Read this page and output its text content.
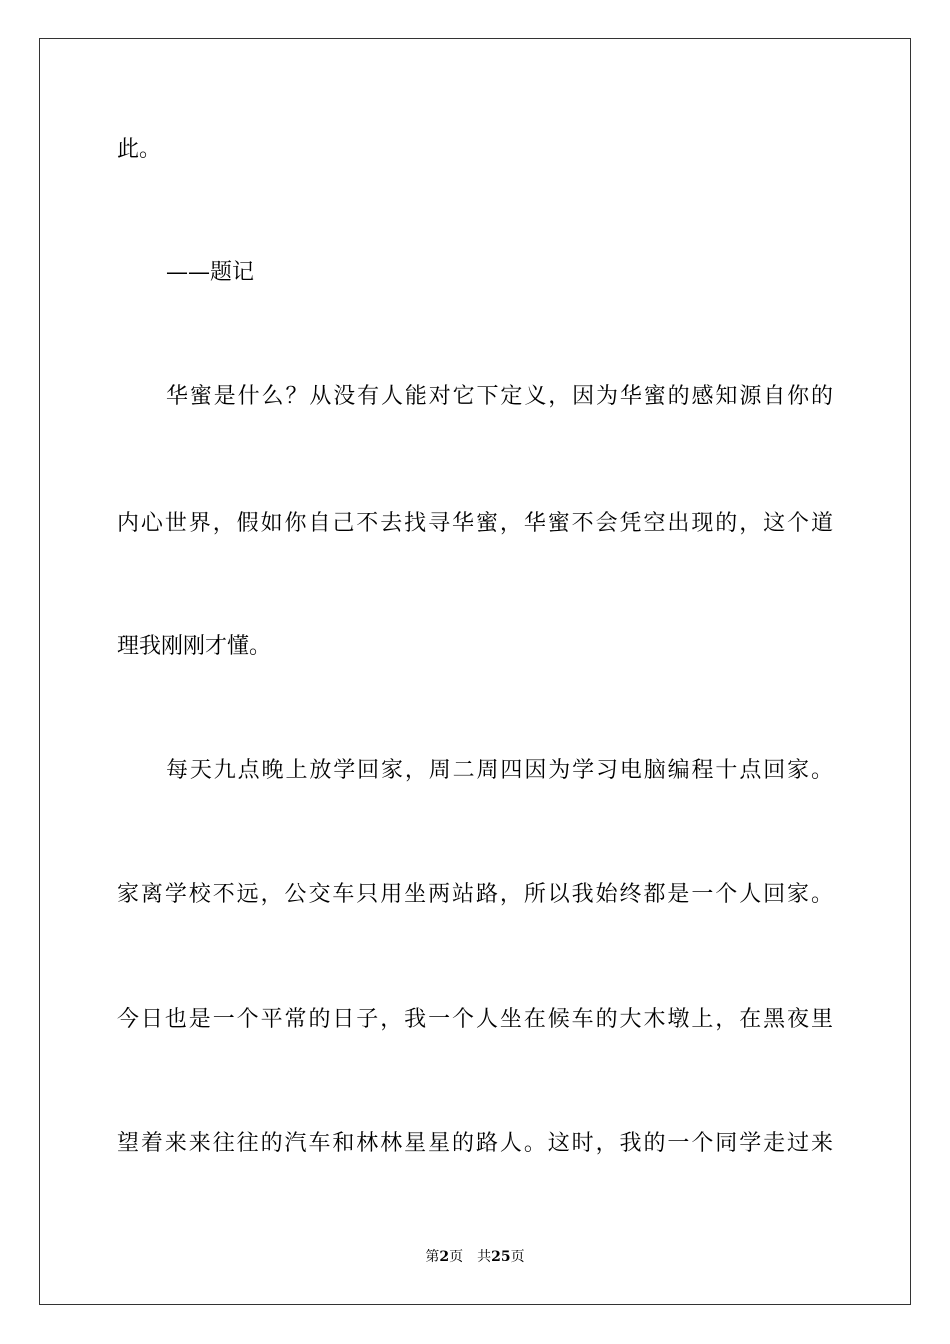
此。
——题记
华蜜是什么？从没有人能对它下定义，因为华蜜的感知源自你的
内心世界，假如你自己不去找寻华蜜，华蜜不会凭空出现的，这个道
理我刚刚才懂。
每天九点晚上放学回家，周二周四因为学习电脑编程十点回家。
家离学校不远，公交车只用坐两站路，所以我始终都是一个人回家。
今日也是一个平常的日子，我一个人坐在候车的大木墩上，在黑夜里
望着来来往往的汽车和林林星星的路人。这时，我的一个同学走过来
第2页 共25页
